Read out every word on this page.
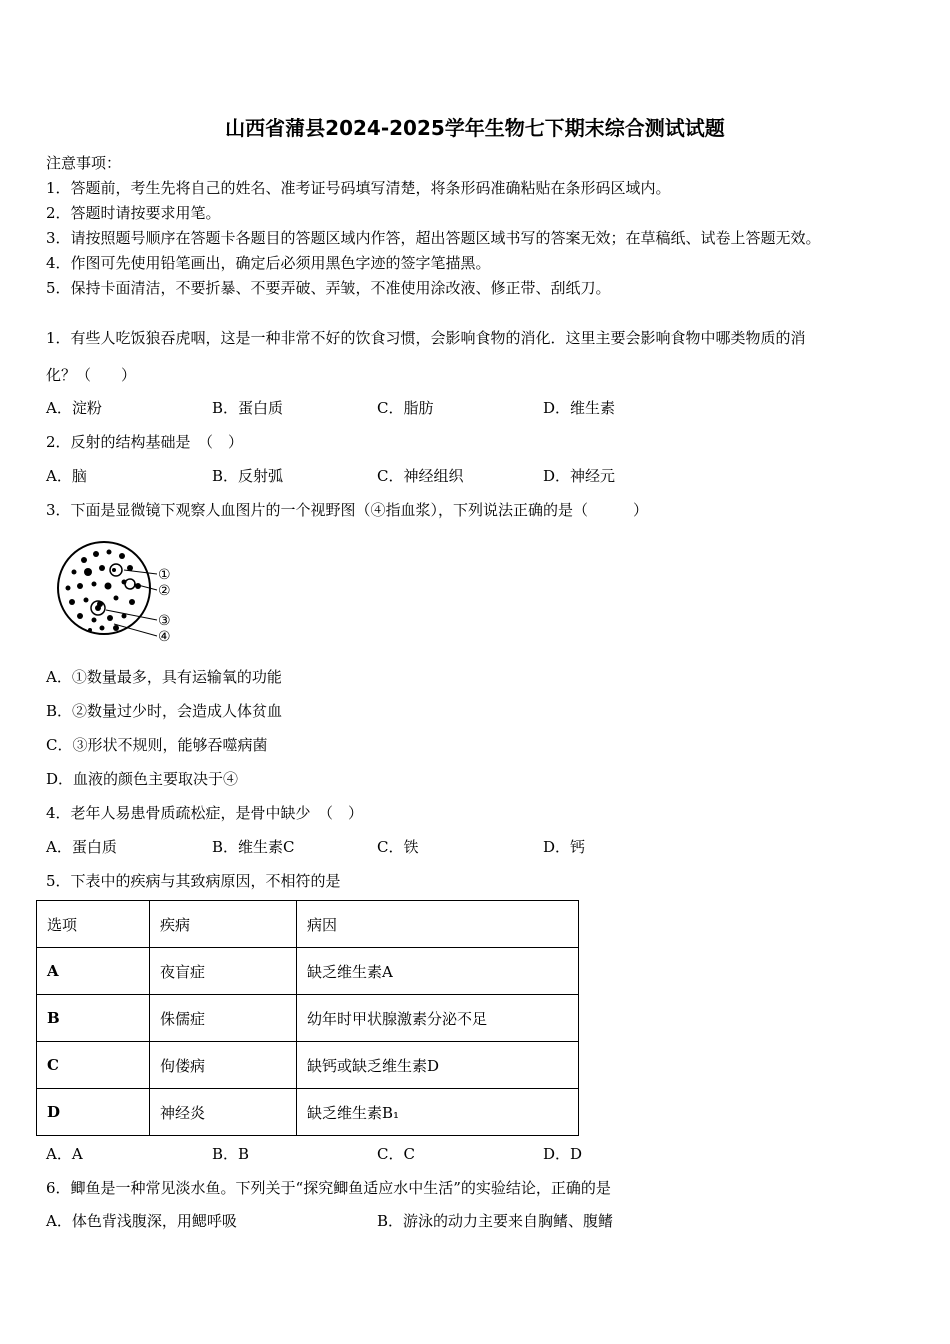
山西省蒲县2024-2025学年生物七下期末综合测试试题
注意事项：
1．答题前，考生先将自己的姓名、准考证号码填写清楚，将条形码准确粘贴在条形码区域内。
2．答题时请按要求用笔。
3．请按照题号顺序在答题卡各题目的答题区域内作答，超出答题区域书写的答案无效；在草稿纸、试卷上答题无效。
4．作图可先使用铅笔画出，确定后必须用黑色字迹的签字笔描黑。
5．保持卡面清洁，不要折暴、不要弄破、弄皱，不准使用涂改液、修正带、刮纸刀。
1．有些人吃饭狼吞虎咽，这是一种非常不好的饮食习惯，会影响食物的消化．这里主要会影响食物中哪类物质的消
化？（　　）
A．淀粉	B．蛋白质	C．脂肪	D．维生素
2．反射的结构基础是　（　）
A．脑	B．反射弧	C．神经组织	D．神经元
3．下面是显微镜下观察人血图片的一个视野图（④指血浆），下列说法正确的是（　　　）
①
②
③
④
A．①数量最多，具有运输氧的功能
B．②数量过少时，会造成人体贫血
C．③形状不规则，能够吞噬病菌
D．血液的颜色主要取决于④
4．老年人易患骨质疏松症，是骨中缺少　（　）
A．蛋白质	B．维生素C	C．铁	D．钙
5．下表中的疾病与其致病原因，不相符的是
选项	疾病	病因
A	夜盲症	缺乏维生素A
B	侏儒症	幼年时甲状腺激素分泌不足
C	佝偻病	缺钙或缺乏维生素D
D	神经炎	缺乏维生素B₁
A．A	B．B	C．C	D．D
6．鲫鱼是一种常见淡水鱼。下列关于“探究鲫鱼适应水中生活”的实验结论，正确的是
A．体色背浅腹深，用鳃呼吸	B．游泳的动力主要来自胸鳍、腹鳍
